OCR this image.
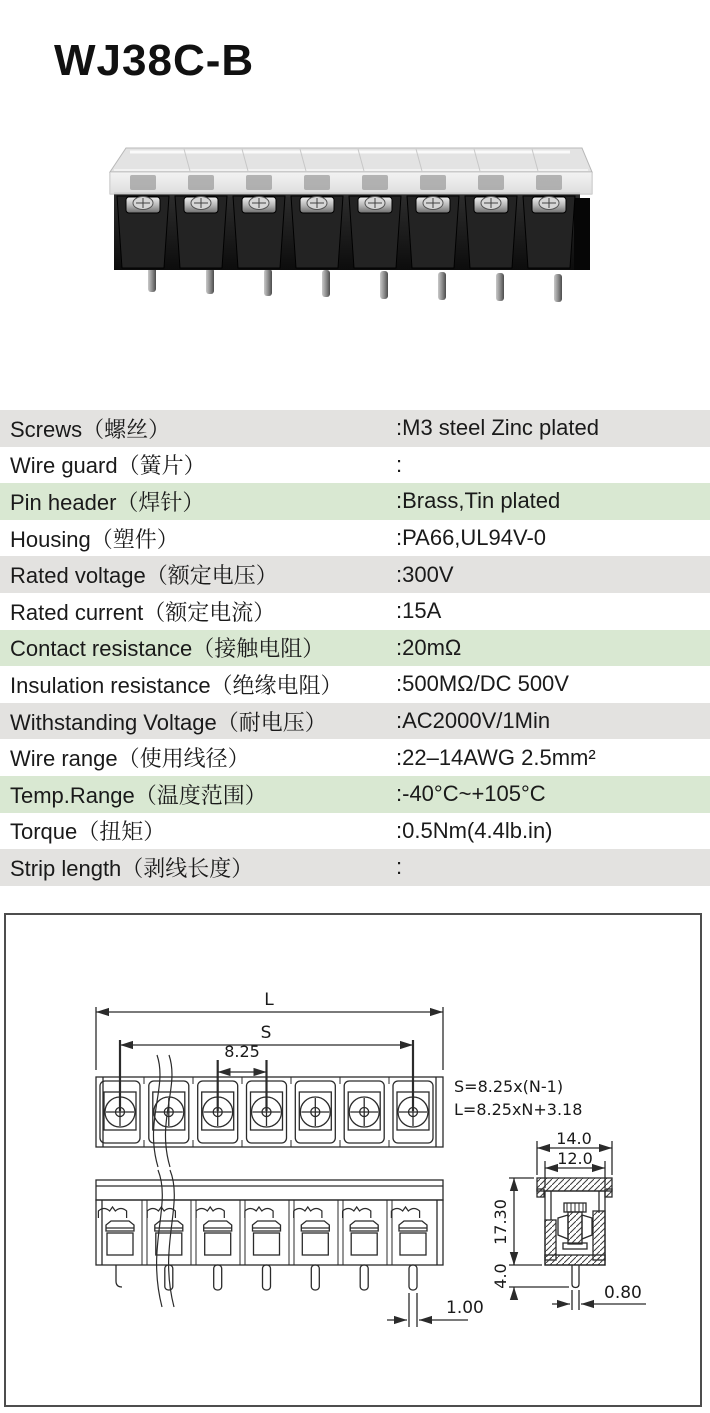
WJ38C-B
Screws（螺丝）	:M3 steel Zinc plated
Wire guard（簧片）	:
Pin header（焊针）	:Brass,Tin plated
Housing（塑件）	:PA66,UL94V-0
Rated voltage（额定电压）	:300V
Rated current（额定电流）	:15A
Contact resistance（接触电阻）	:20mΩ
Insulation resistance（绝缘电阻）	:500MΩ/DC 500V
Withstanding Voltage（耐电压）	:AC2000V/1Min
Wire range（使用线径）	:22–14AWG 2.5mm²
Temp.Range（温度范围）	:-40°C~+105°C
Torque（扭矩）	:0.5Nm(4.4lb.in)
Strip length（剥线长度）	:
L
S
8.25
S=8.25x(N-1)
L=8.25xN+3.18
1.00
14.0
12.0
17.30
4.0
0.80
